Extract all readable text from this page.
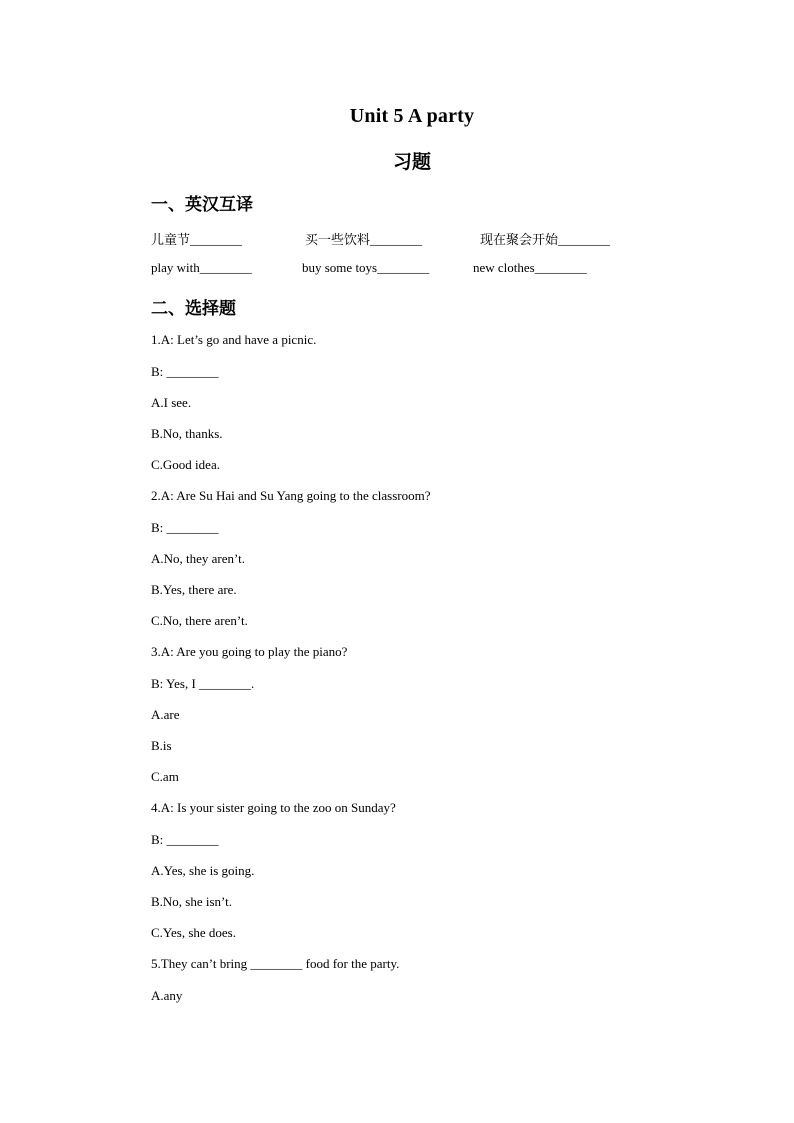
Unit 5 A party
习题
一、英汉互译
儿童节________	买一些饮料________	现在聚会开始________
play with________	buy some toys________	new clothes________
二、选择题
1.A: Let’s go and have a picnic.
B: ________
A.I see.
B.No, thanks.
C.Good idea.
2.A: Are Su Hai and Su Yang going to the classroom?
B: ________
A.No, they aren’t.
B.Yes, there are.
C.No, there aren’t.
3.A: Are you going to play the piano?
B: Yes, I ________.
A.are
B.is
C.am
4.A: Is your sister going to the zoo on Sunday?
B: ________
A.Yes, she is going.
B.No, she isn’t.
C.Yes, she does.
5.They can’t bring ________ food for the party.
A.any
